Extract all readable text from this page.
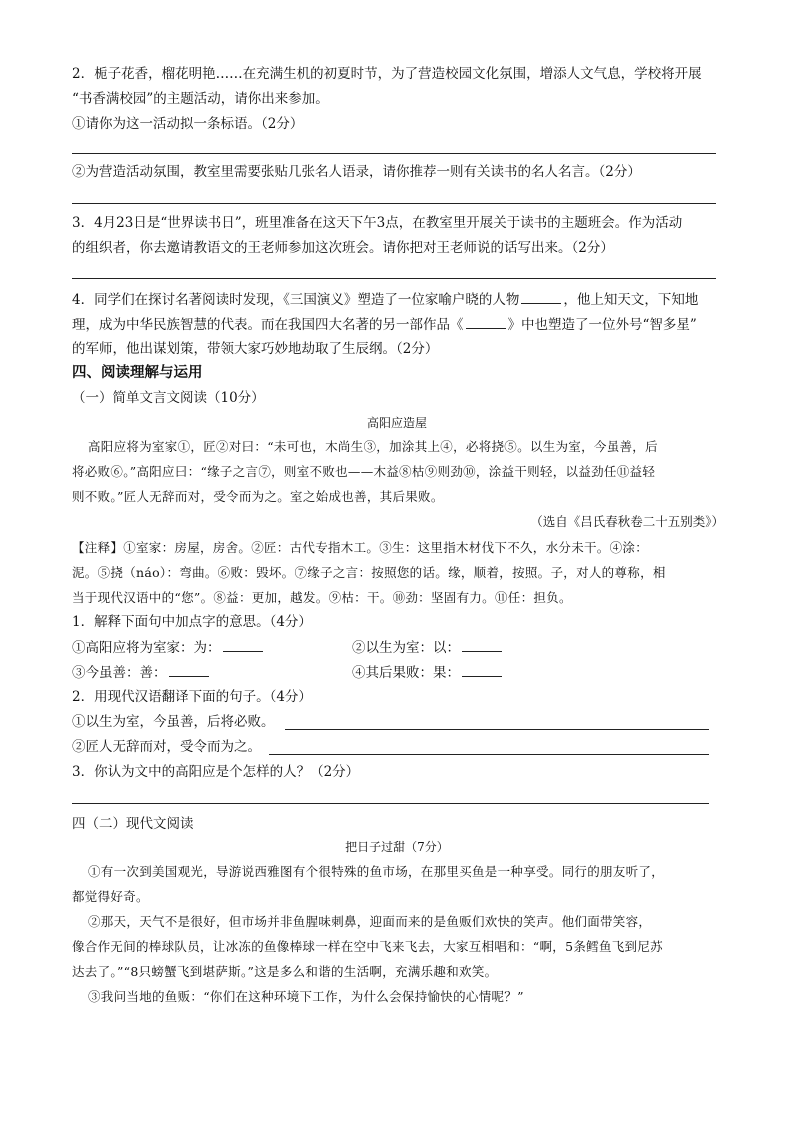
2．栀子花香，榴花明艳……在充满生机的初夏时节，为了营造校园文化氛围，增添人文气息，学校将开展
“书香满校园”的主题活动，请你出来参加。
①请你为这一活动拟一条标语。（2分）
②为营造活动氛围，教室里需要张贴几张名人语录，请你推荐一则有关读书的名人名言。（2分）
3．4月23日是“世界读书日”，班里准备在这天下午3点，在教室里开展关于读书的主题班会。作为活动
的组织者，你去邀请教语文的王老师参加这次班会。请你把对王老师说的话写出来。（2分）
4．同学们在探讨名著阅读时发现，《三国演义》塑造了一位家喻户晓的人物	，他上知天文，下知地
理，成为中华民族智慧的代表。而在我国四大名著的另一部作品《	》中也塑造了一位外号“智多星”
的军师，他出谋划策，带领大家巧妙地劫取了生辰纲。（2分）
四、阅读理解与运用
（一）简单文言文阅读（10分）
高阳应造屋
高阳应将为室家①，匠②对曰：“未可也，木尚生③，加涂其上④，必将挠⑤。以生为室，今虽善，后
将必败⑥。”高阳应曰：“缘子之言⑦，则室不败也——木益⑧枯⑨则劲⑩，涂益干则轻，以益劲任⑪益轻
则不败。”匠人无辞而对，受令而为之。室之始成也善，其后果败。
（选自《吕氏春秋卷二十五别类》）
【注释】①室家：房屋，房舍。②匠：古代专指木工。③生：这里指木材伐下不久，水分未干。④涂：
泥。⑤挠（náo）：弯曲。⑥败：毁坏。⑦缘子之言：按照您的话。缘，顺着，按照。子，对人的尊称，相
当于现代汉语中的“您”。⑧益：更加，越发。⑨枯：干。⑩劲：坚固有力。⑪任：担负。
1．解释下面句中加点字的意思。（4分）
①高阳应将为室家：为：	②以生为室：以：
③今虽善：善：	④其后果败：果：
2．用现代汉语翻译下面的句子。（4分）
①以生为室，今虽善，后将必败。
②匠人无辞而对，受令而为之。
3．你认为文中的高阳应是个怎样的人？（2分）
四（二）现代文阅读
把日子过甜（7分）
①有一次到美国观光，导游说西雅图有个很特殊的鱼市场，在那里买鱼是一种享受。同行的朋友听了，
都觉得好奇。
②那天，天气不是很好，但市场并非鱼腥味刺鼻，迎面而来的是鱼贩们欢快的笑声。他们面带笑容，
像合作无间的棒球队员，让冰冻的鱼像棒球一样在空中飞来飞去，大家互相唱和：“啊，5条鳕鱼飞到尼苏
达去了。”“8只螃蟹飞到堪萨斯。”这是多么和谐的生活啊，充满乐趣和欢笑。
③我问当地的鱼贩：“你们在这种环境下工作，为什么会保持愉快的心情呢？”
